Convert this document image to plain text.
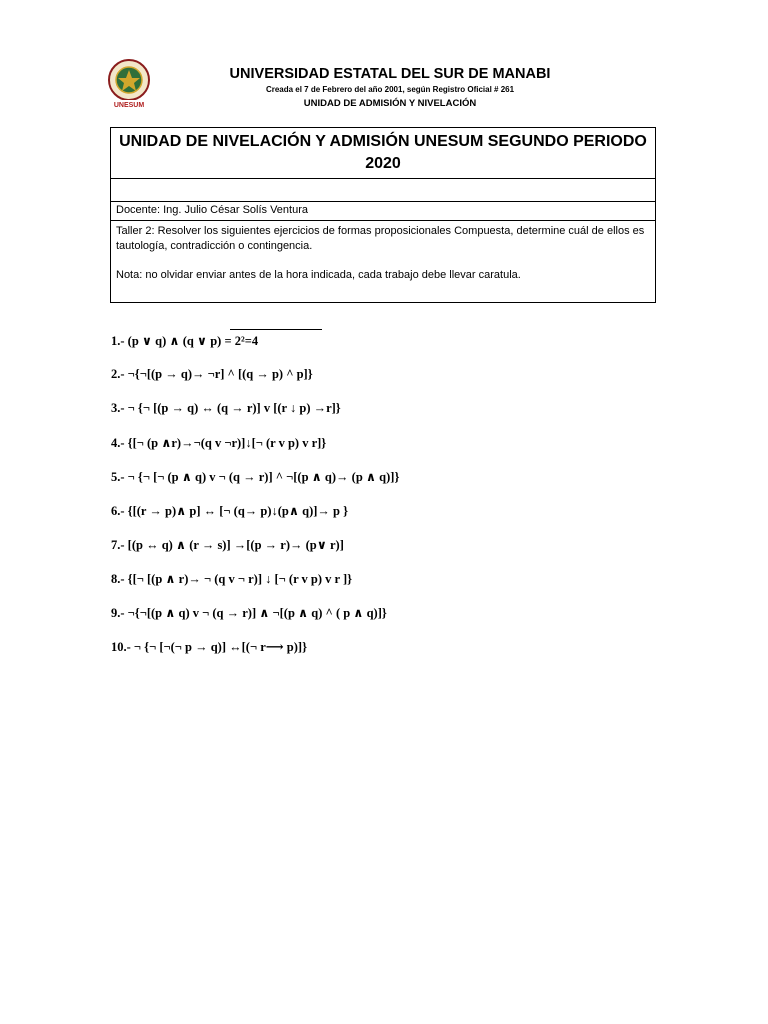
UNESUM

UNIVERSIDAD ESTATAL DEL SUR DE MANABI

Creada el 7 de Febrero del año 2001, según Registro Oficial # 261

UNIDAD DE ADMISIÓN Y NIVELACIÓN

UNIDAD DE NIVELACIÓN Y ADMISIÓN UNESUM SEGUNDO PERIODO 2020
Docente: Ing. Julio César Solís Ventura

Taller 2: Resolver los siguientes ejercicios de formas proposicionales Compuesta, determine cuál de ellos es tautología, contradicción o contingencia.

Nota: no olvidar enviar antes de la hora indicada, cada trabajo debe llevar caratula.

1.- (p ∨ q) ∧ (q ∨ p) = 2²=4

2.- ¬{¬[(p → q)→ ¬r] ^ [(q → p) ^ p]}

3.- ¬ {¬ [(p → q) ↔ (q → r)] v [(r ↓ p) →r]}

4.- {[¬ (p ∧r)→¬(q v ¬r)]↓[¬ (r v p) v r]}

5.- ¬ {¬ [¬ (p ∧ q) v ¬ (q → r)] ^ ¬[(p ∧ q)→ (p ∧ q)]}

6.- {[(r → p)∧ p] ↔ [¬ (q→ p)↓(p∧ q)]→ p }

7.- [(p ↔ q) ∧ (r → s)] →[(p → r)→ (p∨ r)]

8.- {[¬ [(p ∧ r)→ ¬ (q v ¬ r)] ↓ [¬ (r v p) v r ]}

9.- ¬{¬[(p ∧ q) v ¬ (q → r)] ∧ ¬[(p ∧ q) ^ ( p ∧ q)]}

10.- ¬ {¬ [¬(¬ p → q)] ↔[(¬ r⟶ p)]}
